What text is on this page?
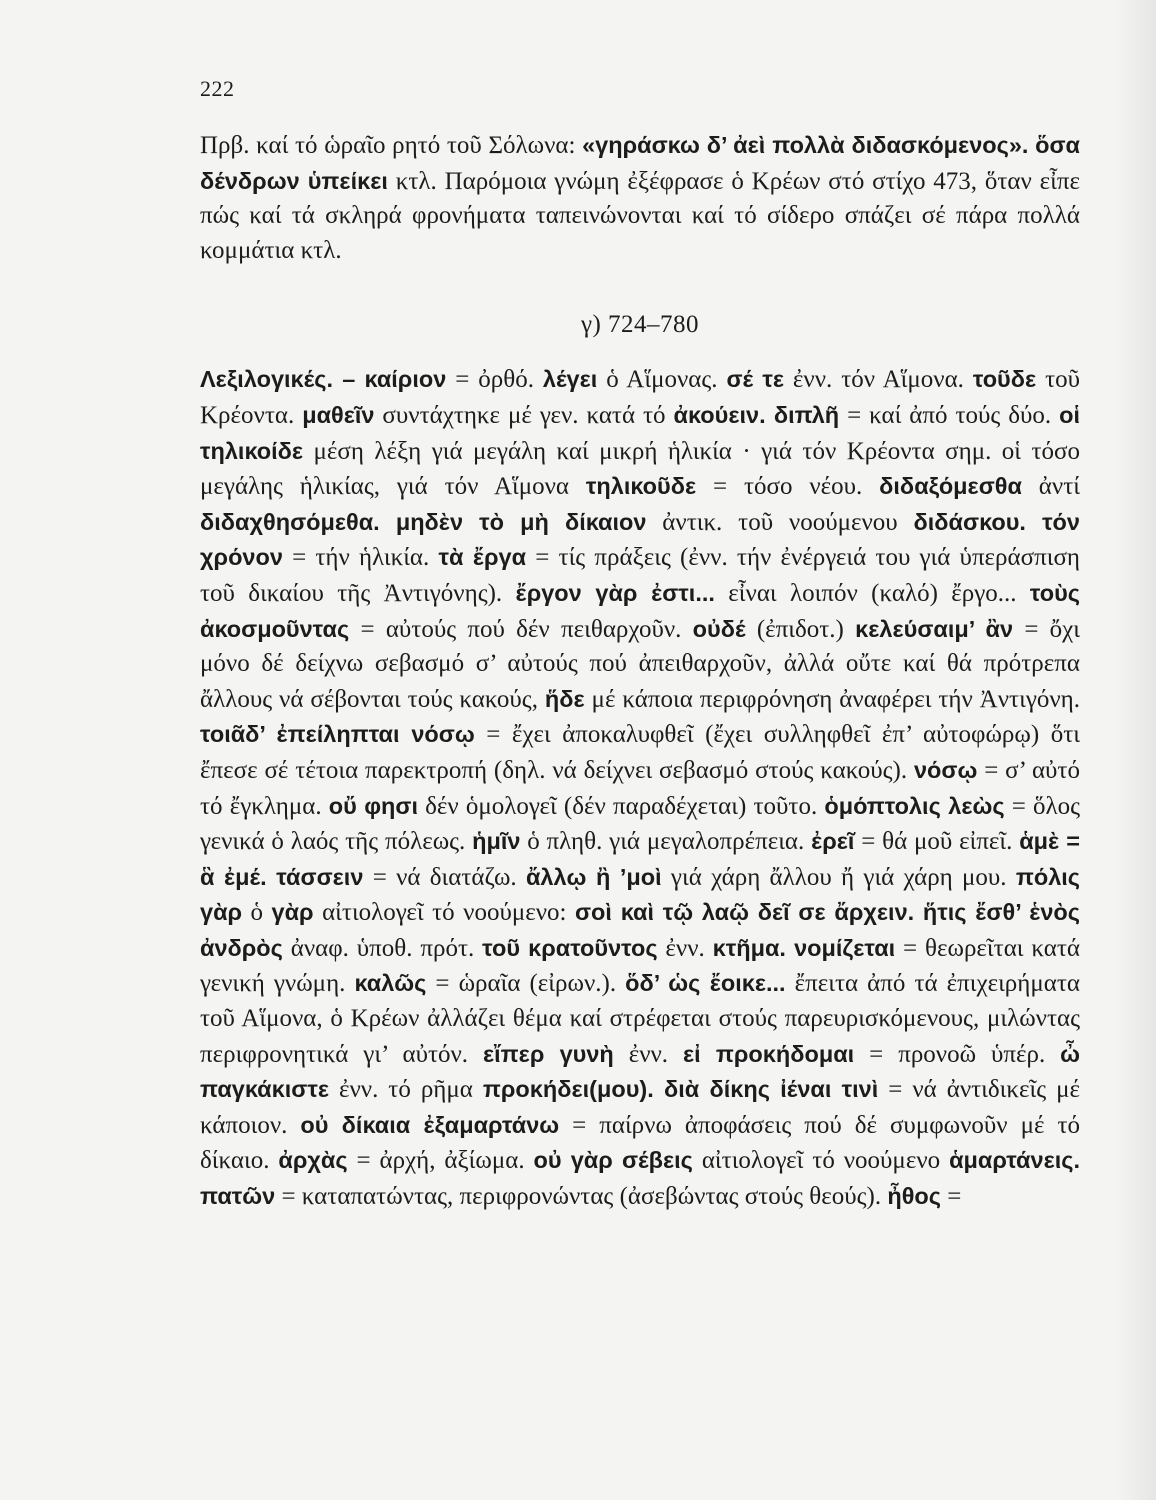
222

Πρβ. καί τό ὡραῖο ρητό τοῦ Σόλωνα: «γηράσκω δ’ ἀεὶ πολλὰ διδασκόμενος». ὅσα δένδρων ὑπείκει κτλ. Παρόμοια γνώμη ἐξέφρασε ὁ Κρέων στό στίχο 473, ὅταν εἶπε πώς καί τά σκληρά φρονήματα ταπεινώνονται καί τό σίδερο σπάζει σέ πάρα πολλά κομμάτια κτλ.

γ) 724–780

Λεξιλογικές. – καίριον = ὀρθό. λέγει ὁ Αἵμονας. σέ τε ἐνν. τόν Αἵμονα. τοῦδε τοῦ Κρέοντα. μαθεῖν συντάχτηκε μέ γεν. κατά τό ἀκούειν. διπλῆ = καί ἀπό τούς δύο. οἱ τηλικοίδε μέση λέξη γιά μεγάλη καί μικρή ἡλικία · γιά τόν Κρέοντα σημ. οἱ τόσο μεγάλης ἡλικίας, γιά τόν Αἵμονα τηλικοῦδε = τόσο νέου. διδαξόμεσθα ἀντί διδαχθησόμεθα. μηδὲν τὸ μὴ δίκαιον ἀντικ. τοῦ νοούμενου διδάσκου. τόν χρόνον = τήν ἡλικία. τὰ ἔργα = τίς πράξεις (ἐνν. τήν ἐνέργειά του γιά ὑπεράσπιση τοῦ δικαίου τῆς Ἀντιγόνης). ἔργον γὰρ ἐστι... εἶναι λοιπόν (καλό) ἔργο... τοὺς ἀκοσμοῦντας = αὐτούς πού δέν πειθαρχοῦν. οὐδέ (ἐπιδοτ.) κελεύσαιμ’ ἂν = ὄχι μόνο δέ δείχνω σεβασμό σ’ αὐτούς πού ἀπειθαρχοῦν, ἀλλά οὔτε καί θά πρότρεπα ἄλλους νά σέβονται τούς κακούς, ἥδε μέ κάποια περιφρόνηση ἀναφέρει τήν Ἀντιγόνη. τοιᾶδ’ ἐπείληπται νόσῳ = ἔχει ἀποκαλυφθεῖ (ἔχει συλληφθεῖ ἐπ’ αὐτοφώρῳ) ὅτι ἔπεσε σέ τέτοια παρεκτροπή (δηλ. νά δείχνει σεβασμό στούς κακούς). νόσῳ = σ’ αὐτό τό ἔγκλημα. οὔ φησι δέν ὁμολογεῖ (δέν παραδέχεται) τοῦτο. ὁμόπτολις λεὼς = ὅλος γενικά ὁ λαός τῆς πόλεως. ἡμῖν ὁ πληθ. γιά μεγαλοπρέπεια. ἐρεῖ = θά μοῦ εἰπεῖ. ἁμὲ = ἃ ἐμέ. τάσσειν = νά διατάζω. ἄλλῳ ἢ ’μοὶ γιά χάρη ἄλλου ἤ γιά χάρη μου. πόλις γὰρ ὁ γὰρ αἰτιολογεῖ τό νοούμενο: σοὶ καὶ τῷ λαῷ δεῖ σε ἄρχειν. ἥτις ἔσθ’ ἑνὸς ἀνδρὸς ἀναφ. ὑποθ. πρότ. τοῦ κρατοῦντος ἐνν. κτῆμα. νομίζεται = θεωρεῖται κατά γενική γνώμη. καλῶς = ὡραῖα (εἰρων.). ὅδ’ ὡς ἔοικε... ἔπειτα ἀπό τά ἐπιχειρήματα τοῦ Αἵμονα, ὁ Κρέων ἀλλάζει θέμα καί στρέφεται στούς παρευρισκόμενους, μιλώντας περιφρονητικά γι’ αὐτόν. εἴπερ γυνὴ ἐνν. εἰ προκήδομαι = προνοῶ ὑπέρ. ὦ παγκάκιστε ἐνν. τό ρῆμα προκήδει(μου). διὰ δίκης ἰέναι τινὶ = νά ἀντιδικεῖς μέ κάποιον. οὐ δίκαια ἐξαμαρτάνω = παίρνω ἀποφάσεις πού δέ συμφωνοῦν μέ τό δίκαιο. ἀρχὰς = ἀρχή, ἀξίωμα. οὐ γὰρ σέβεις αἰτιολογεῖ τό νοούμενο ἁμαρτάνεις. πατῶν = καταπατώντας, περιφρονώντας (ἀσεβώντας στούς θεούς). ἦθος =
